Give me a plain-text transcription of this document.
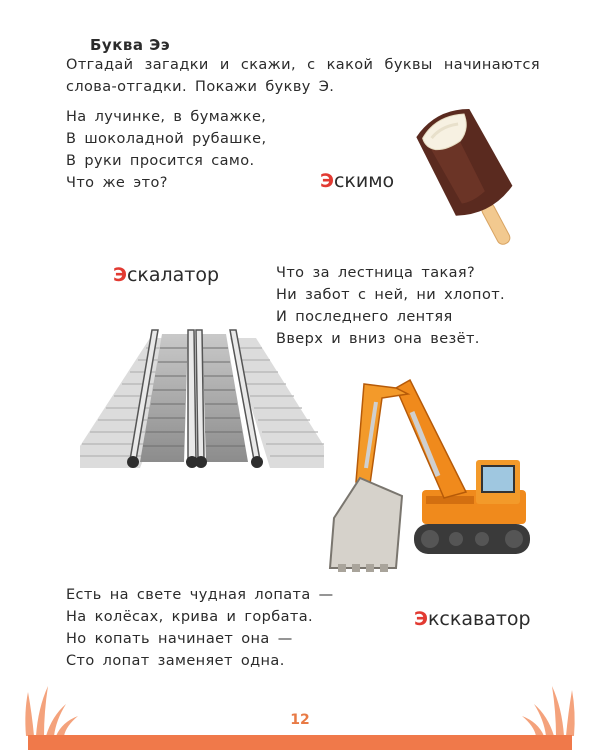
Буква Ээ
Отгадай загадки и скажи, с какой буквы начинаются слова-отгадки. Покажи букву Э.
На лучинке, в бумажке,
В шоколадной рубашке,
В руки просится само.
Что же это?	Эскимо
Эскалатор	Что за лестница такая?
Ни забот с ней, ни хлопот.
И последнего лентяя
Вверх и вниз она везёт.
Есть на свете чудная лопата —
На колёсах, крива и горбата.
Но копать начинает она —
Сто лопат заменяет одна.
Экскаватор
12
